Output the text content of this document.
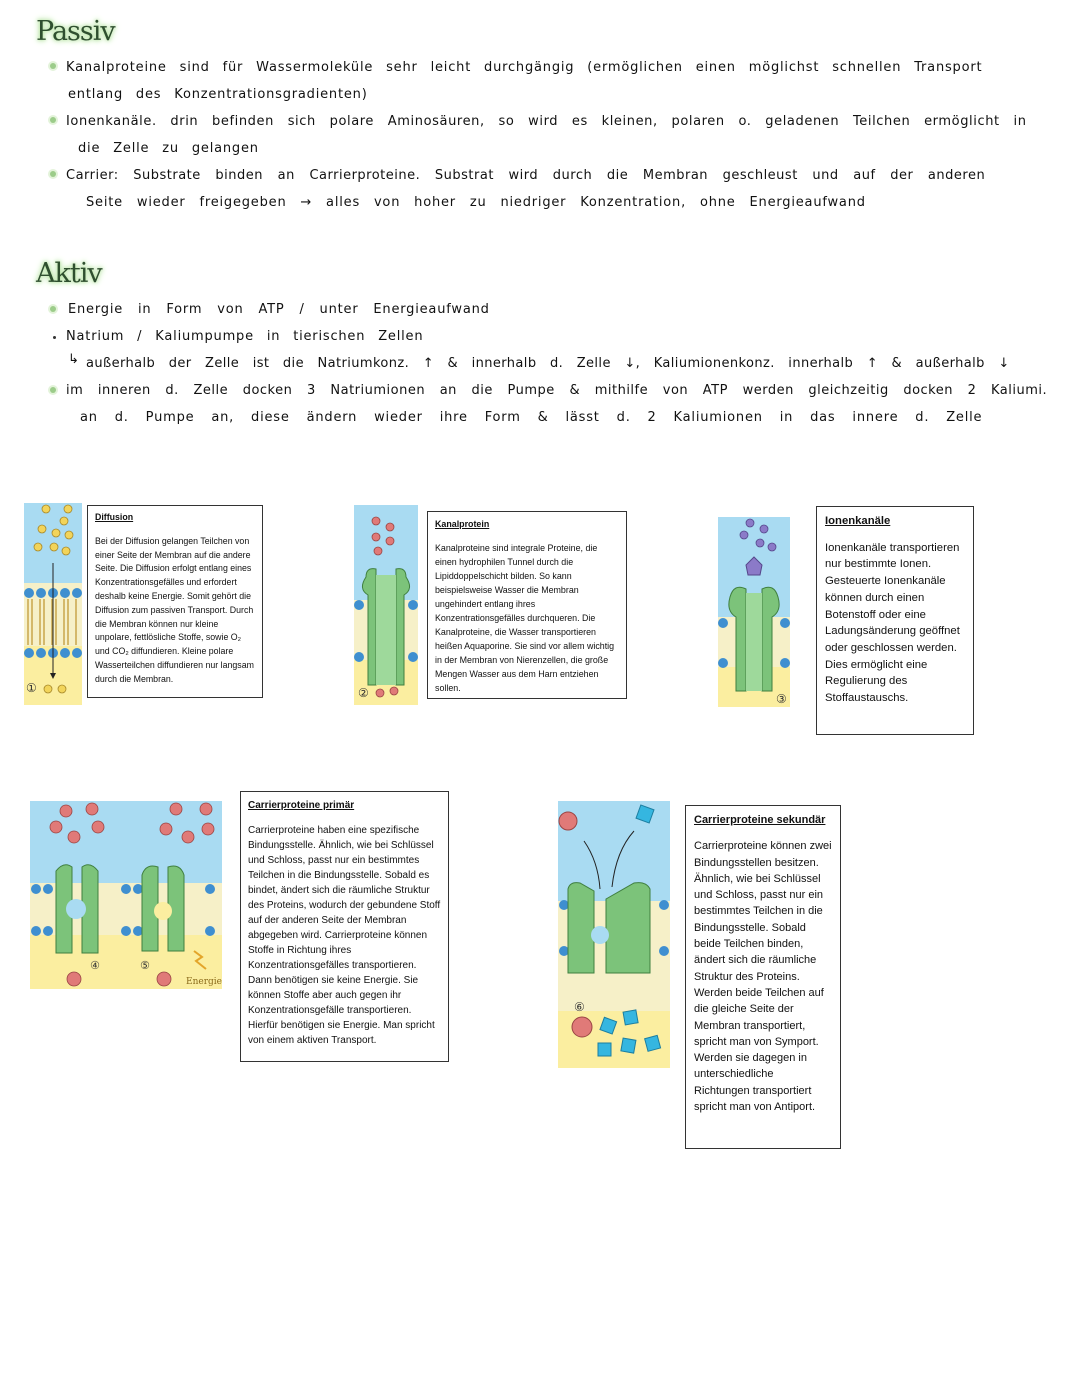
Passiv
Kanalproteine sind für Wassermoleküle sehr leicht durchgängig (ermöglichen einen möglichst schnellen Transport
entlang des Konzentrationsgradienten)
Ionenkanäle. drin befinden sich polare Aminosäuren, so wird es kleinen, polaren o. geladenen Teilchen ermöglicht in
die Zelle zu gelangen
Carrier: Substrate binden an Carrierproteine. Substrat wird durch die Membran geschleust und auf der anderen
Seite wieder freigegeben → alles von hoher zu niedriger Konzentration, ohne Energieaufwand
Aktiv
Energie in Form von ATP / unter Energieaufwand
Natrium / Kaliumpumpe in tierischen Zellen
↳ außerhalb der Zelle ist die Natriumkonz. ↑ & innerhalb d. Zelle ↓, Kaliumionenkonz. innerhalb ↑ & außerhalb ↓
im inneren d. Zelle docken 3 Natriumionen an die Pumpe & mithilfe von ATP werden gleichzeitig docken 2 Kaliumi.
an d. Pumpe an, diese ändern wieder ihre Form & lässt d. 2 Kaliumionen in das innere d. Zelle
①
Diffusion

Bei der Diffusion gelangen Teilchen von einer Seite der Membran auf die andere Seite. Die Diffusion erfolgt entlang eines Konzentrationsgefälles und erfordert deshalb keine Energie. Somit gehört die Diffusion zum passiven Transport. Durch die Membran können nur kleine unpolare, fettlösliche Stoffe, sowie O₂ und CO₂ diffundieren. Kleine polare Wasserteilchen diffundieren nur langsam durch die Membran.

②
Kanalprotein

Kanalproteine sind integrale Proteine, die einen hydrophilen Tunnel durch die Lipiddoppelschicht bilden. So kann beispielsweise Wasser die Membran ungehindert entlang ihres Konzentrationsgefälles durchqueren. Die Kanalproteine, die Wasser transportieren heißen Aquaporine. Sie sind vor allem wichtig in der Membran von Nierenzellen, die große Mengen Wasser aus dem Harn entziehen sollen.

③
Ionenkanäle

Ionenkanäle transportieren nur bestimmte Ionen. Gesteuerte Ionenkanäle können durch einen Botenstoff oder eine Ladungsänderung geöffnet oder geschlossen werden. Dies ermöglicht eine Regulierung des Stoffaustauschs.

④	⑤
Energie
Carrierproteine primär

Carrierproteine haben eine spezifische Bindungsstelle. Ähnlich, wie bei Schlüssel und Schloss, passt nur ein bestimmtes Teilchen in die Bindungsstelle. Sobald es bindet, ändert sich die räumliche Struktur des Proteins, wodurch der gebundene Stoff auf der anderen Seite der Membran abgegeben wird. Carrierproteine können Stoffe in Richtung ihres Konzentrationsgefälles transportieren. Dann benötigen sie keine Energie. Sie können Stoffe aber auch gegen ihr Konzentrationsgefälle transportieren. Hierfür benötigen sie Energie. Man spricht von einem aktiven Transport.

⑥
Carrierproteine sekundär

Carrierproteine können zwei Bindungsstellen besitzen. Ähnlich, wie bei Schlüssel und Schloss, passt nur ein bestimmtes Teilchen in die Bindungsstelle. Sobald beide Teilchen binden, ändert sich die räumliche Struktur des Proteins. Werden beide Teilchen auf die gleiche Seite der Membran transportiert, spricht man von Symport. Werden sie dagegen in unterschiedliche Richtungen transportiert spricht man von Antiport.
